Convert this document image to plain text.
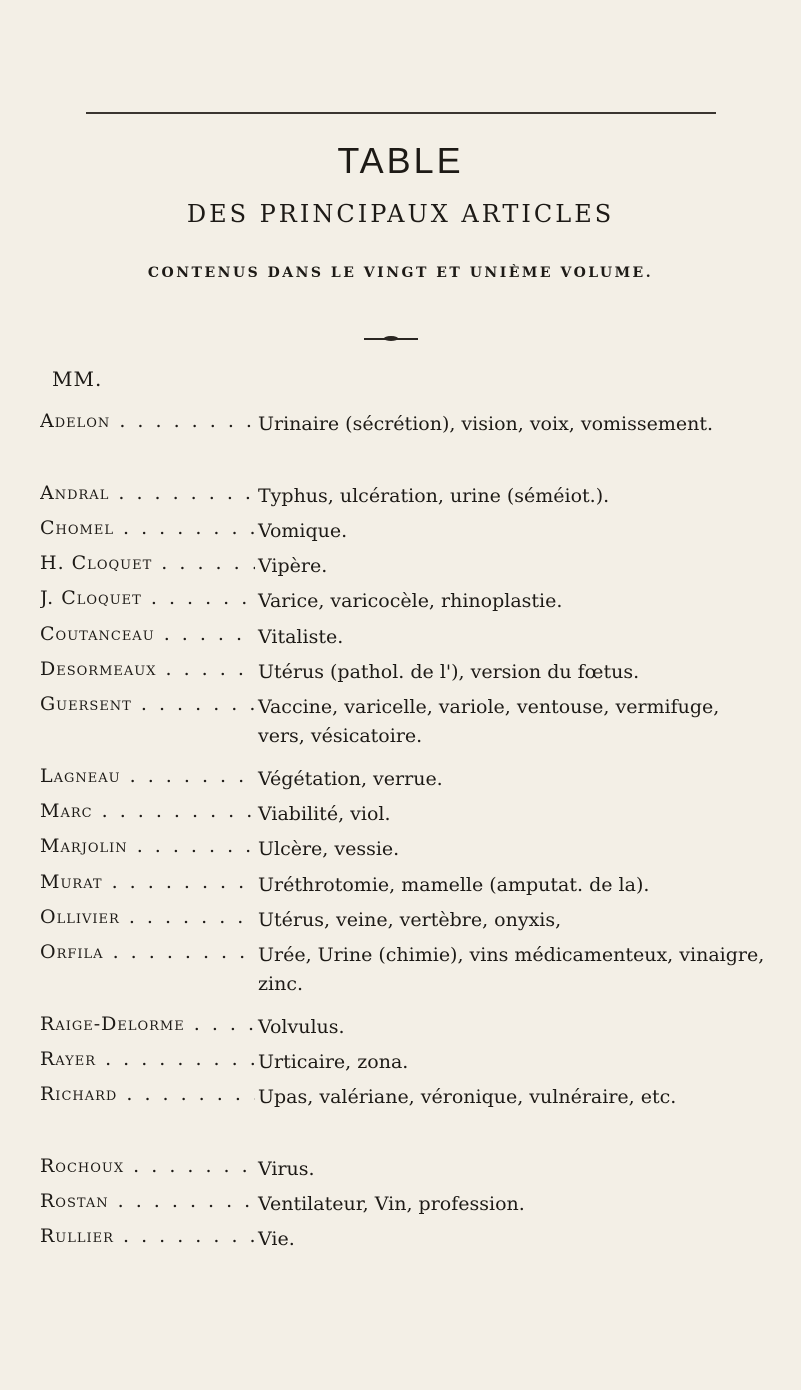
TABLE
DES PRINCIPAUX ARTICLES
CONTENUS DANS LE VINGT ET UNIÈME VOLUME.
MM.
Adelon . . .	Urinaire (sécrétion), vision, voix, vomissement.
Andral . . .	Typhus, ulcération, urine (séméiot.).
Chomel . . .	Vomique.
H. Cloquet . . .	Vipère.
J. Cloquet . . .	Varice, varicocèle, rhinoplastie.
Coutanceau . . .	Vitaliste.
Desormeaux . . .	Utérus (pathol. de l'), version du fœtus.
Guersent . . .	Vaccine, varicelle, variole, ventouse, vermifuge, vers, vésicatoire.
Lagneau . . .	Végétation, verrue.
Marc . . .	Viabilité, viol.
Marjolin . . .	Ulcère, vessie.
Murat . . .	Uréthrotomie, mamelle (amputat. de la).
Ollivier . . .	Utérus, veine, vertèbre, onyxis,
Orfila . . .	Urée, Urine (chimie), vins médicamenteux, vinaigre, zinc.
Raige-Delorme . . .	Volvulus.
Rayer . . .	Urticaire, zona.
Richard . . .	Upas, valériane, véronique, vulnéraire, etc.
Rochoux . . .	Virus.
Rostan . . .	Ventilateur, Vin, profession.
Rullier . . .	Vie.
